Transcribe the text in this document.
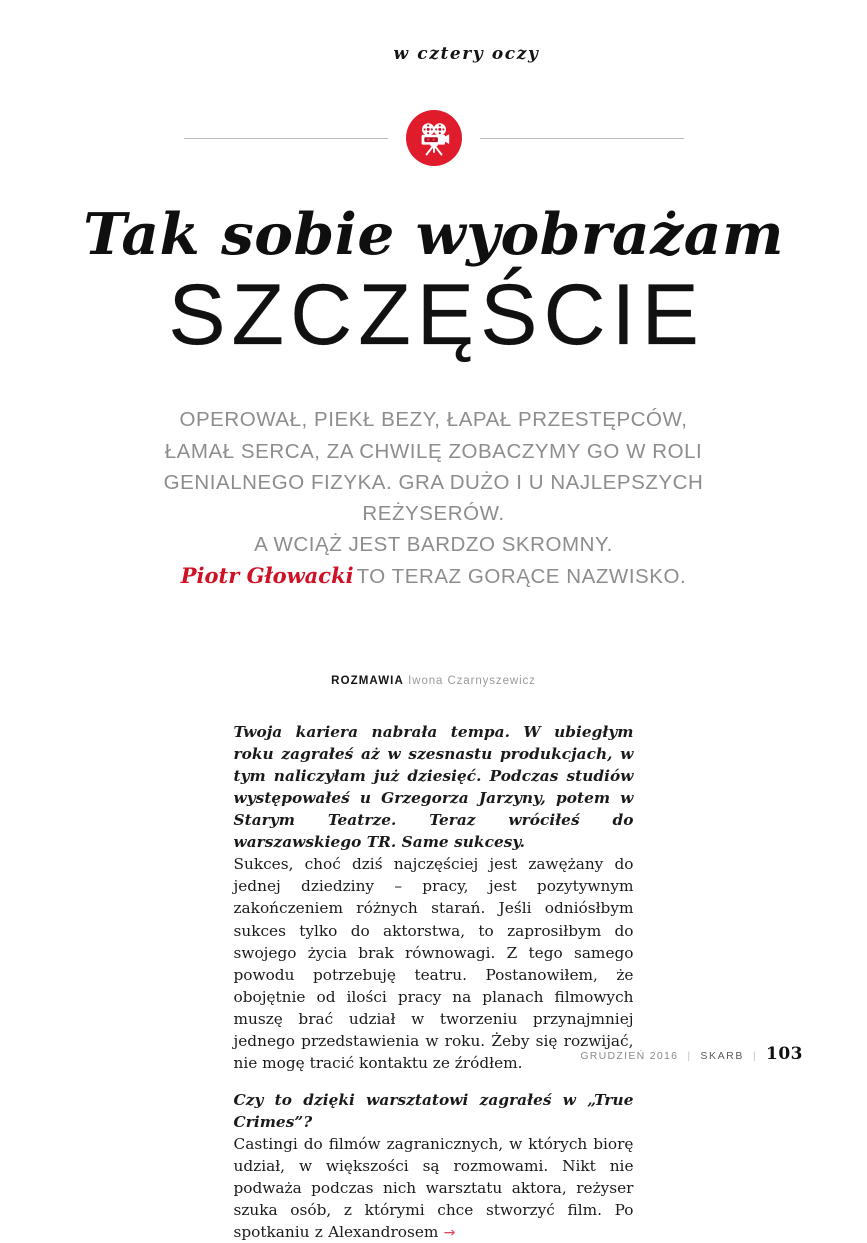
w cztery oczy
Tak sobie wyobrażam
SZCZĘŚCIE
OPEROWAŁ, PIEKŁ BEZY, ŁAPAŁ PRZESTĘPCÓW,
ŁAMAŁ SERCA, ZA CHWILĘ ZOBACZYMY GO W ROLI
GENIALNEGO FIZYKA. GRA DUŻO I U NAJLEPSZYCH REŻYSERÓW.
A WCIĄŻ JEST BARDZO SKROMNY.
Piotr Głowacki TO TERAZ GORĄCE NAZWISKO.
ROZMAWIA Iwona Czarnyszewicz

Twoja kariera nabrała tempa. W ubiegłym roku zagrałeś aż w szesnastu produkcjach, w tym naliczyłam już dziesięć. Podczas studiów występowałeś u Grzegorza Jarzyny, potem w Starym Teatrze. Teraz wróciłeś do warszawskiego TR. Same sukcesy.

Sukces, choć dziś najczęściej jest zawężany do jednej dziedziny – pracy, jest pozytywnym zakończeniem różnych starań. Jeśli odniósłbym sukces tylko do aktorstwa, to zaprosiłbym do swojego życia brak równowagi. Z tego samego powodu potrzebuję teatru. Postanowiłem, że obojętnie od ilości pracy na planach filmowych muszę brać udział w tworzeniu przynajmniej jednego przedstawienia w roku. Żeby się rozwijać, nie mogę tracić kontaktu ze źródłem.

Czy to dzięki warsztatowi zagrałeś w „True Crimes”?

Castingi do filmów zagranicznych, w których biorę udział, w większości są rozmowami. Nikt nie podważa podczas nich warsztatu aktora, reżyser szuka osób, z którymi chce stworzyć film. Po spotkaniu z Alexandrosem →

GRUDZIEŃ 2016 | SKARB | 103
